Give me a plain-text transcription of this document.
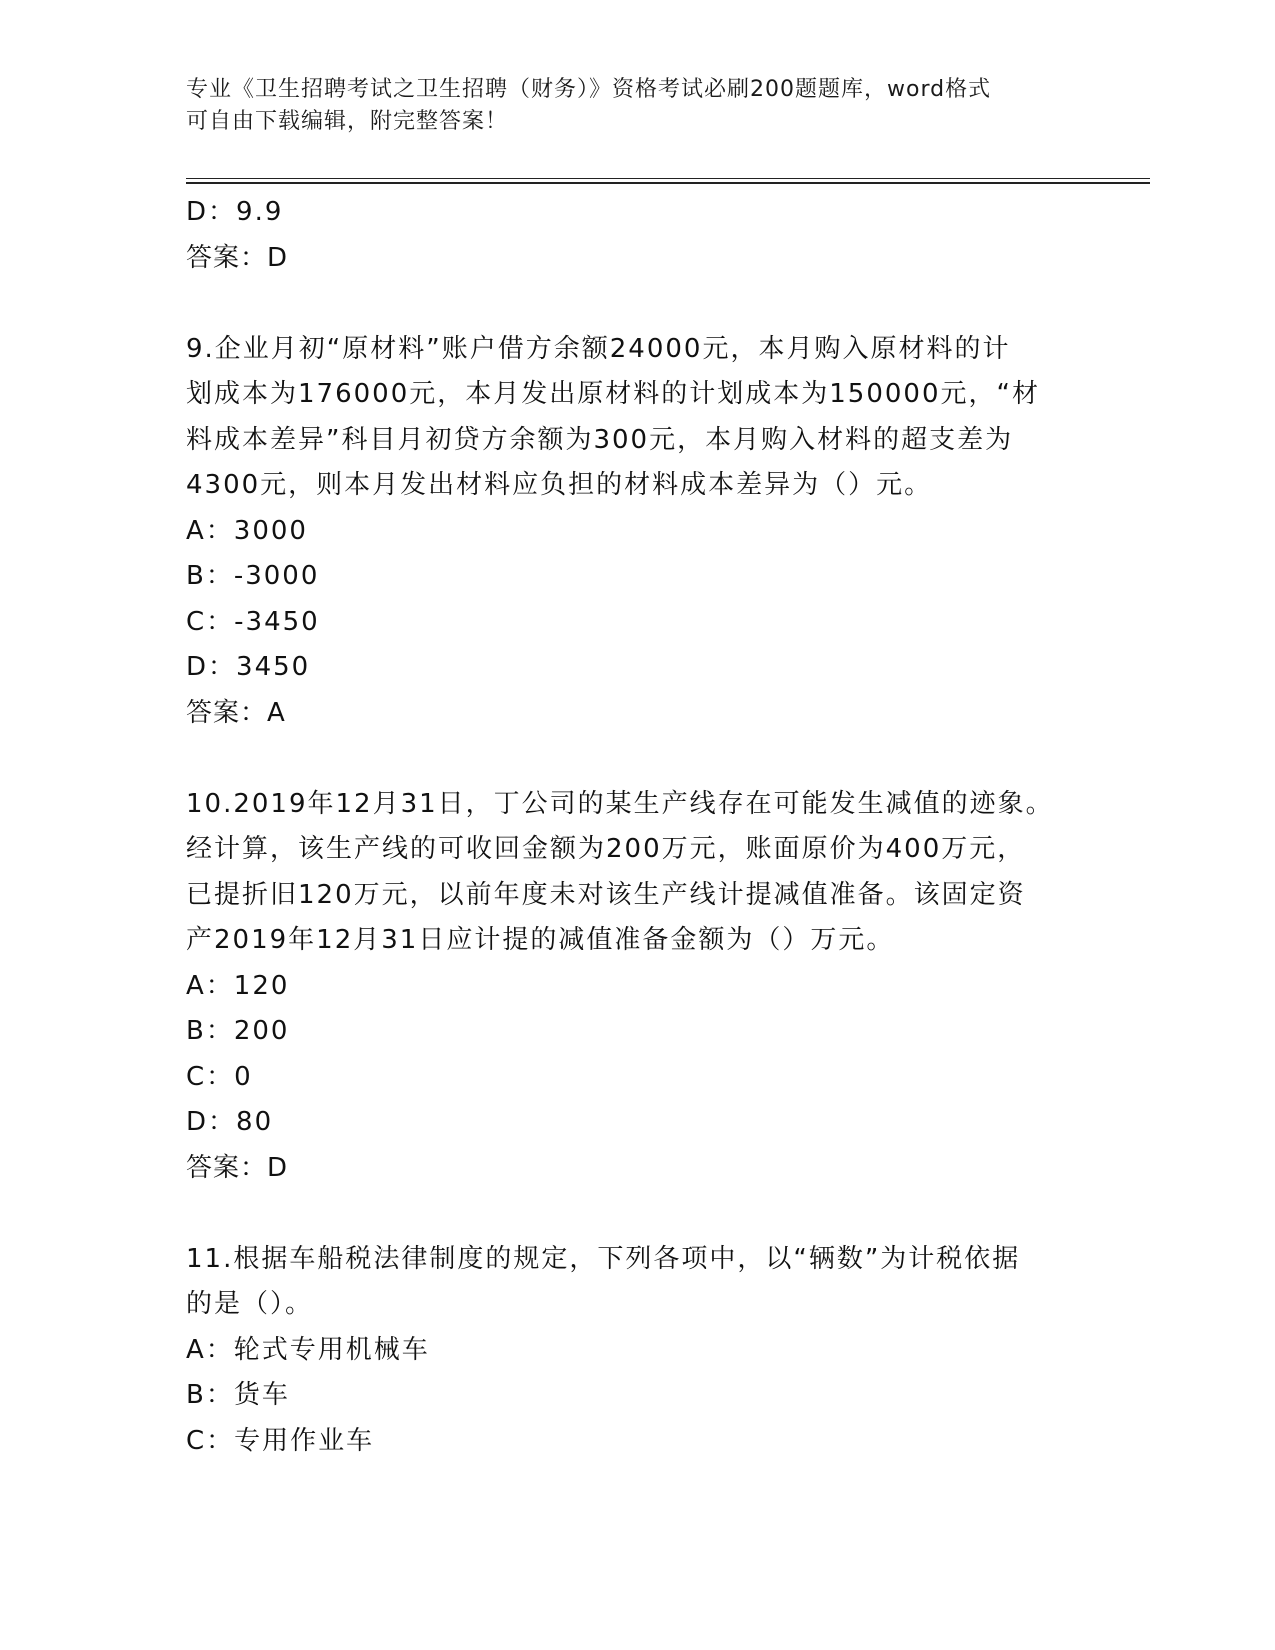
专业《卫生招聘考试之卫生招聘（财务）》资格考试必刷200题题库，word格式
可自由下载编辑，附完整答案！
D：9.9
答案：D
9.企业月初“原材料”账户借方余额24000元，本月购入原材料的计
划成本为176000元，本月发出原材料的计划成本为150000元，“材
料成本差异”科目月初贷方余额为300元，本月购入材料的超支差为
4300元，则本月发出材料应负担的材料成本差异为（）元。
A：3000
B：-3000
C：-3450
D：3450
答案：A
10.2019年12月31日，丁公司的某生产线存在可能发生减值的迹象。
经计算，该生产线的可收回金额为200万元，账面原价为400万元，
已提折旧120万元，以前年度未对该生产线计提减值准备。该固定资
产2019年12月31日应计提的减值准备金额为（）万元。
A：120
B：200
C：0
D：80
答案：D
11.根据车船税法律制度的规定，下列各项中，以“辆数”为计税依据
的是（）。
A：轮式专用机械车
B：货车
C：专用作业车
